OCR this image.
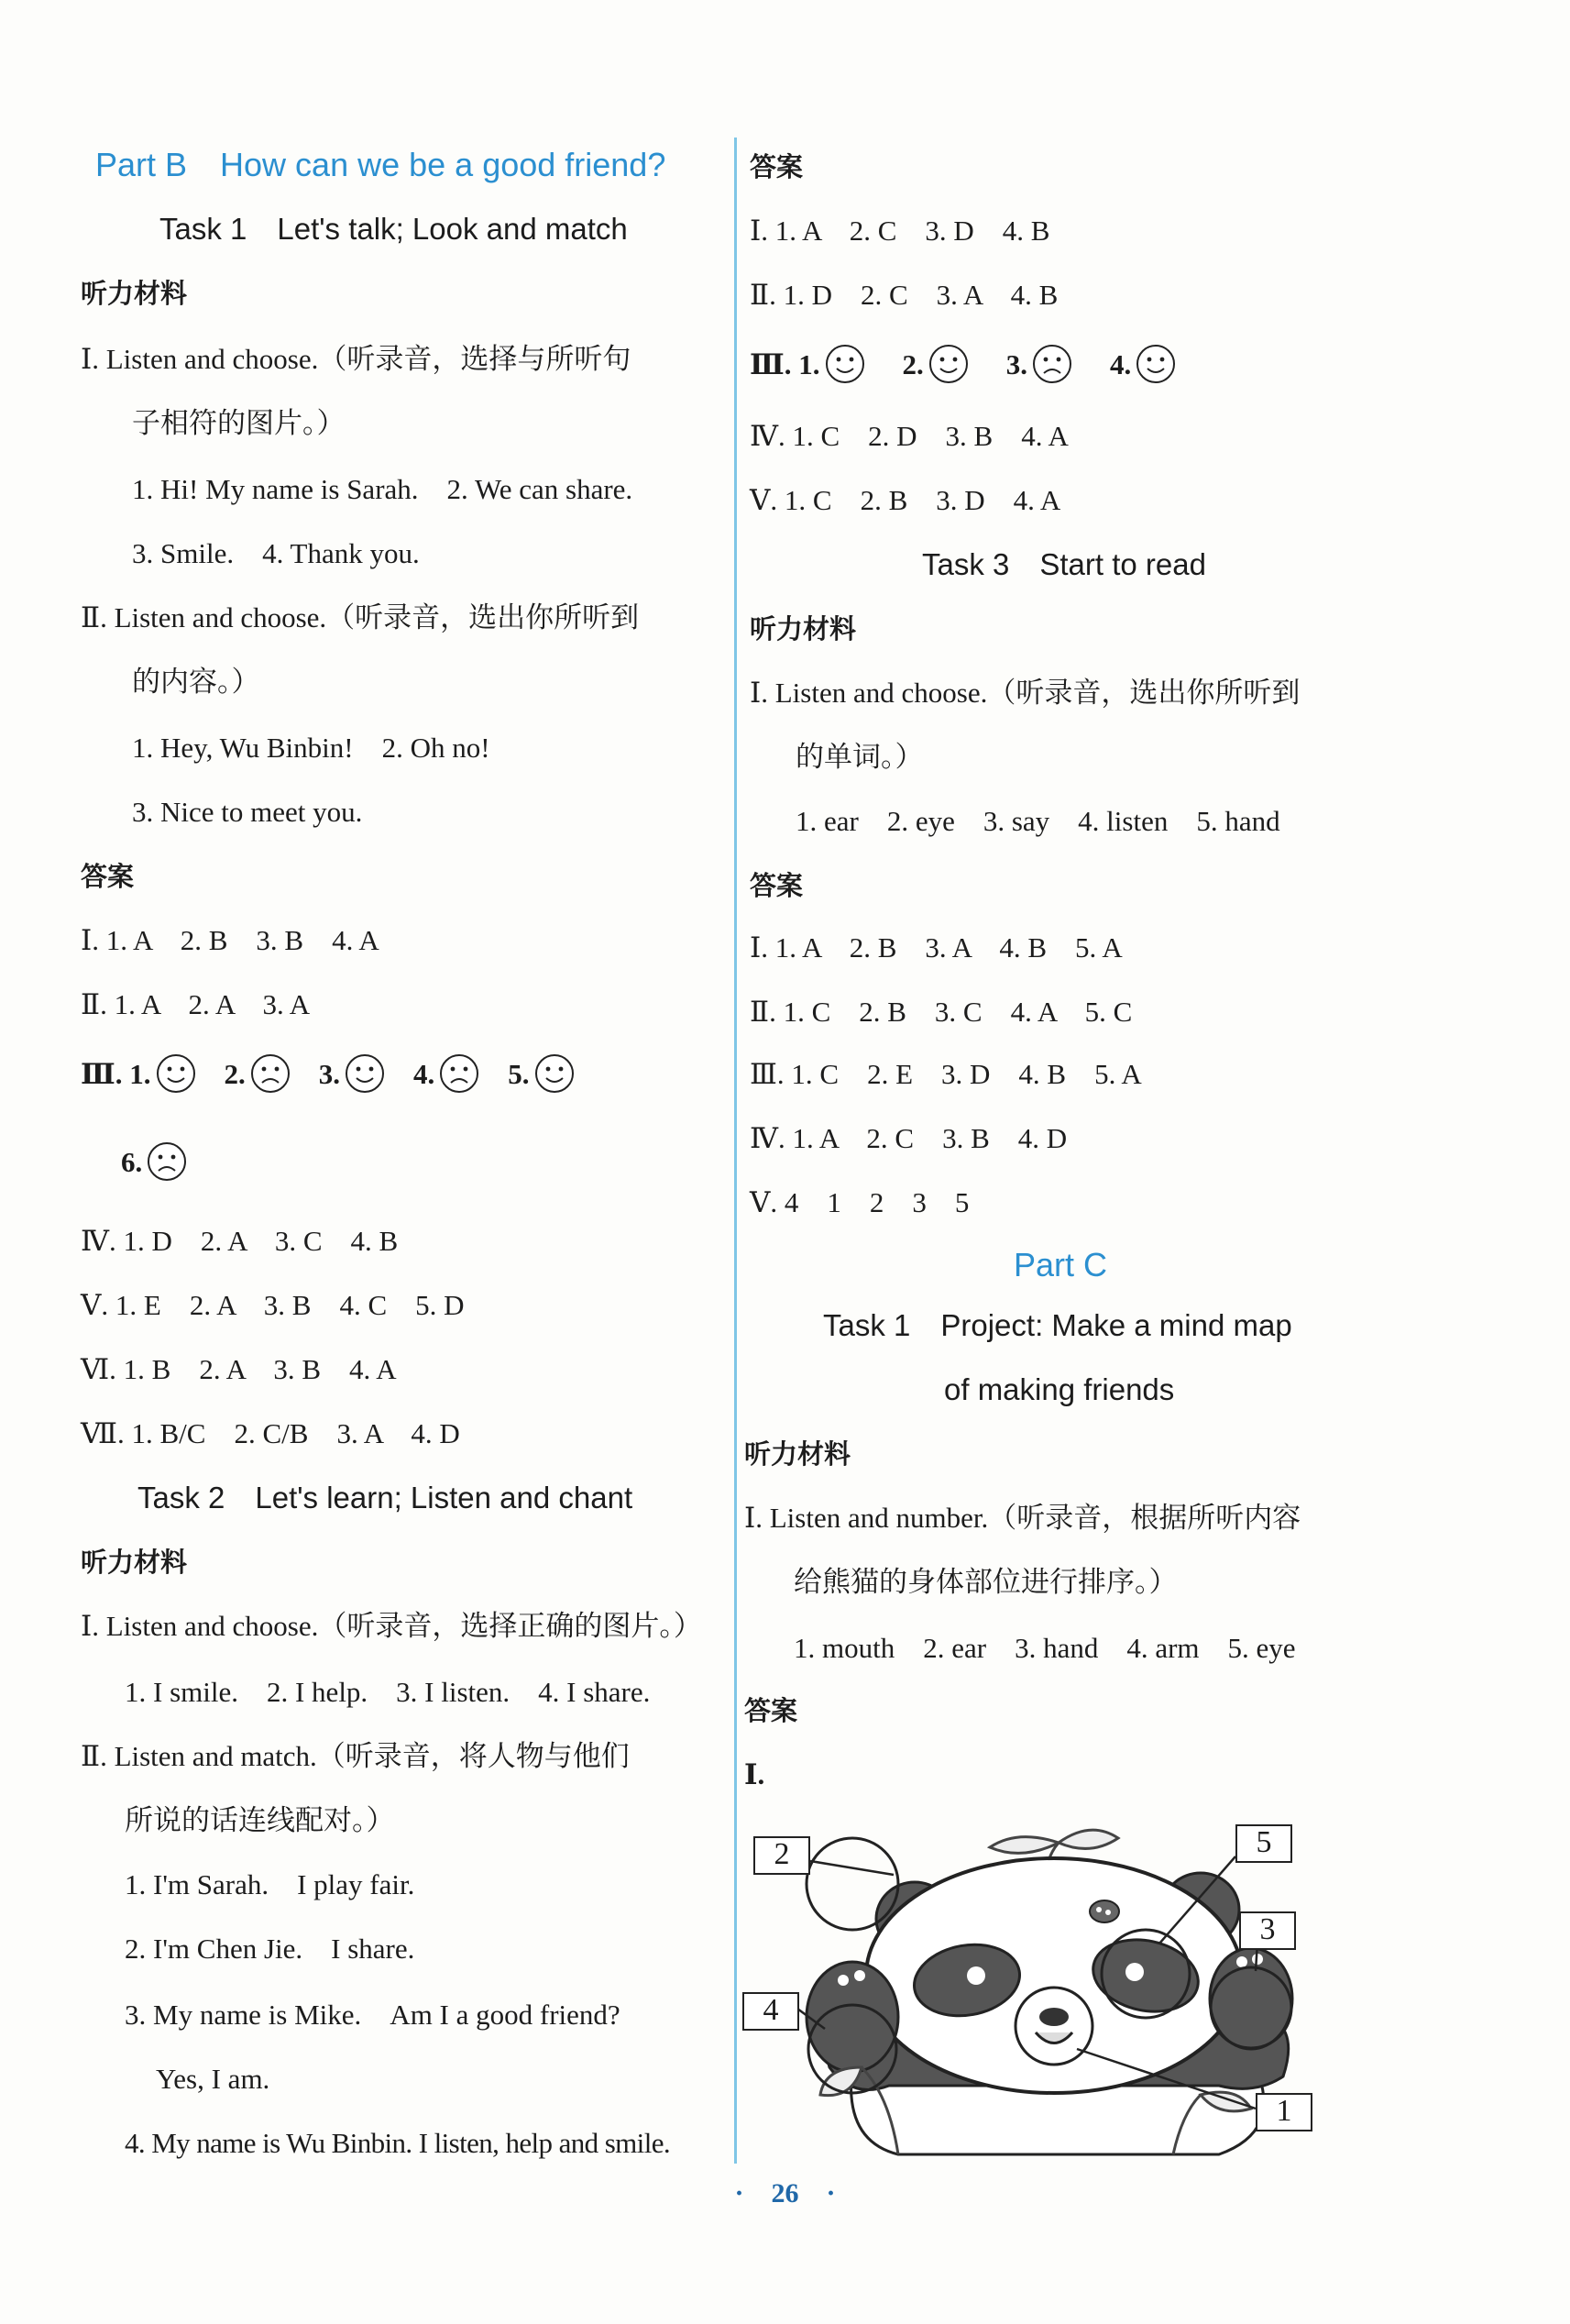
Part B　How can we be a good friend?
Task 1　Let's talk; Look and match
听力材料
Ⅰ. Listen and choose.（听录音，选择与所听句
子相符的图片。）
1. Hi! My name is Sarah.　2. We can share.
3. Smile.　4. Thank you.
Ⅱ. Listen and choose.（听录音，选出你所听到
的内容。）
1. Hey, Wu Binbin!　2. Oh no!
3. Nice to meet you.
答案
Ⅰ. 1. A　2. B　3. B　4. A
Ⅱ. 1. A　2. A　3. A
Ⅲ. 1.	2.	3.	4.	5.
6.
Ⅳ. 1. D　2. A　3. C　4. B
Ⅴ. 1. E　2. A　3. B　4. C　5. D
Ⅵ. 1. B　2. A　3. B　4. A
Ⅶ. 1. B/C　2. C/B　3. A　4. D
Task 2　Let's learn; Listen and chant
听力材料
Ⅰ. Listen and choose.（听录音，选择正确的图片。）
1. I smile.　2. I help.　3. I listen.　4. I share.
Ⅱ. Listen and match.（听录音，将人物与他们
所说的话连线配对。）
1. I'm Sarah.　I play fair.
2. I'm Chen Jie.　I share.
3. My name is Mike.　Am I a good friend?
Yes, I am.
4. My name is Wu Binbin. I listen, help and smile.
答案
Ⅰ. 1. A　2. C　3. D　4. B
Ⅱ. 1. D　2. C　3. A　4. B
Ⅲ. 1.	2.	3.	4.
Ⅳ. 1. C　2. D　3. B　4. A
Ⅴ. 1. C　2. B　3. D　4. A
Task 3　Start to read
听力材料
Ⅰ. Listen and choose.（听录音，选出你所听到
的单词。）
1. ear　2. eye　3. say　4. listen　5. hand
答案
Ⅰ. 1. A　2. B　3. A　4. B　5. A
Ⅱ. 1. C　2. B　3. C　4. A　5. C
Ⅲ. 1. C　2. E　3. D　4. B　5. A
Ⅳ. 1. A　2. C　3. B　4. D
Ⅴ. 4　1　2　3　5
Part C
Task 1　Project: Make a mind map
of making friends
听力材料
Ⅰ. Listen and number.（听录音，根据所听内容
给熊猫的身体部位进行排序。）
1. mouth　2. ear　3. hand　4. arm　5. eye
答案
Ⅰ.
2	5
3
4
1
· 26 ·
